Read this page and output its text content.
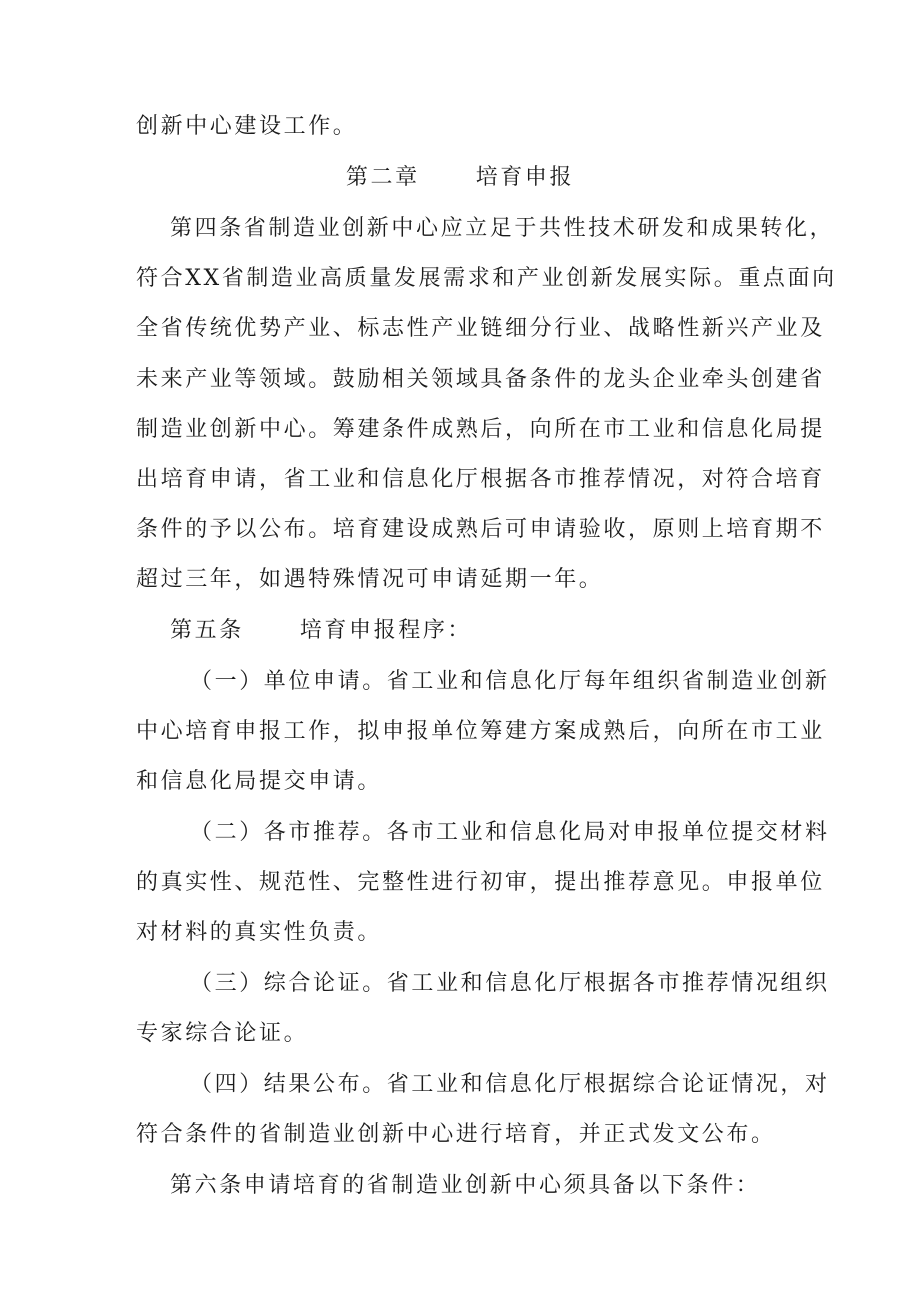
创新中心建设工作。
第二章	培育申报
第四条省制造业创新中心应立足于共性技术研发和成果转化，
符合XX省制造业高质量发展需求和产业创新发展实际。重点面向
全省传统优势产业、标志性产业链细分行业、战略性新兴产业及
未来产业等领域。鼓励相关领域具备条件的龙头企业牵头创建省
制造业创新中心。筹建条件成熟后，向所在市工业和信息化局提
出培育申请，省工业和信息化厅根据各市推荐情况，对符合培育
条件的予以公布。培育建设成熟后可申请验收，原则上培育期不
超过三年，如遇特殊情况可申请延期一年。
第五条	培育申报程序：
（一）单位申请。省工业和信息化厅每年组织省制造业创新
中心培育申报工作，拟申报单位筹建方案成熟后，向所在市工业
和信息化局提交申请。
（二）各市推荐。各市工业和信息化局对申报单位提交材料
的真实性、规范性、完整性进行初审，提出推荐意见。申报单位
对材料的真实性负责。
（三）综合论证。省工业和信息化厅根据各市推荐情况组织
专家综合论证。
（四）结果公布。省工业和信息化厅根据综合论证情况，对
符合条件的省制造业创新中心进行培育，并正式发文公布。
第六条申请培育的省制造业创新中心须具备以下条件：
